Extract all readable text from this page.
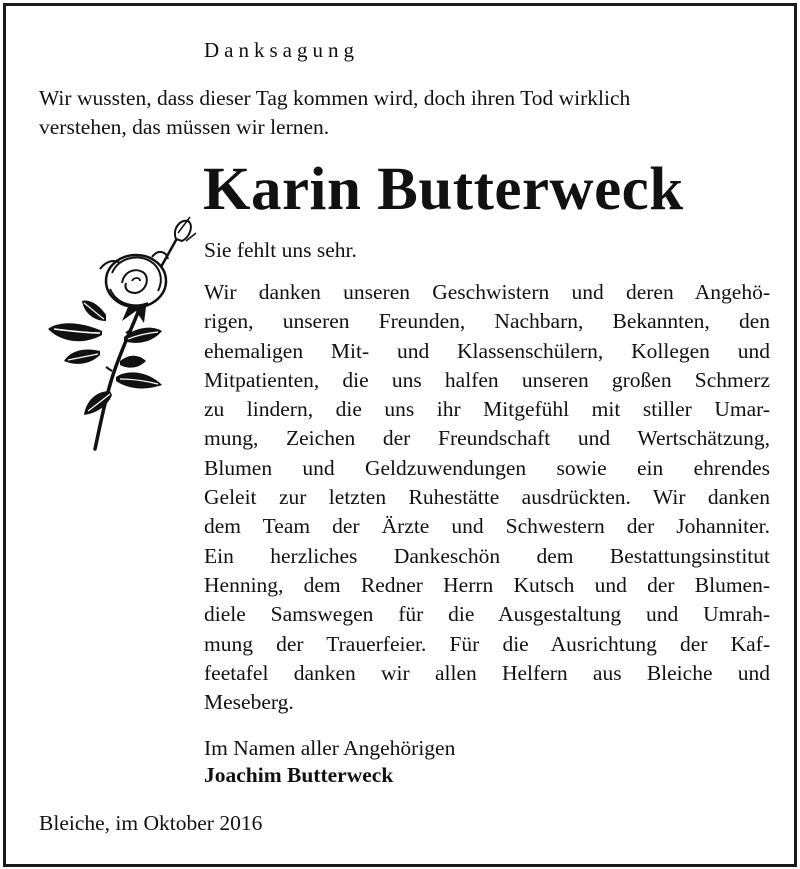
Danksagung
Wir wussten, dass dieser Tag kommen wird, doch ihren Tod wirklich
verstehen, das müssen wir lernen.
Karin Butterweck
Sie fehlt uns sehr.
Wir danken unseren Geschwistern und deren Angehö-
rigen, unseren Freunden, Nachbarn, Bekannten, den
ehemaligen Mit- und Klassenschülern, Kollegen und
Mitpatienten, die uns halfen unseren großen Schmerz
zu lindern, die uns ihr Mitgefühl mit stiller Umar-
mung, Zeichen der Freundschaft und Wertschätzung,
Blumen und Geldzuwendungen sowie ein ehrendes
Geleit zur letzten Ruhestätte ausdrückten. Wir danken
dem Team der Ärzte und Schwestern der Johanniter.
Ein herzliches Dankeschön dem Bestattungsinstitut
Henning, dem Redner Herrn Kutsch und der Blumen-
diele Samswegen für die Ausgestaltung und Umrah-
mung der Trauerfeier. Für die Ausrichtung der Kaf-
feetafel danken wir allen Helfern aus Bleiche und
Meseberg.
Im Namen aller Angehörigen
Joachim Butterweck
Bleiche, im Oktober 2016
